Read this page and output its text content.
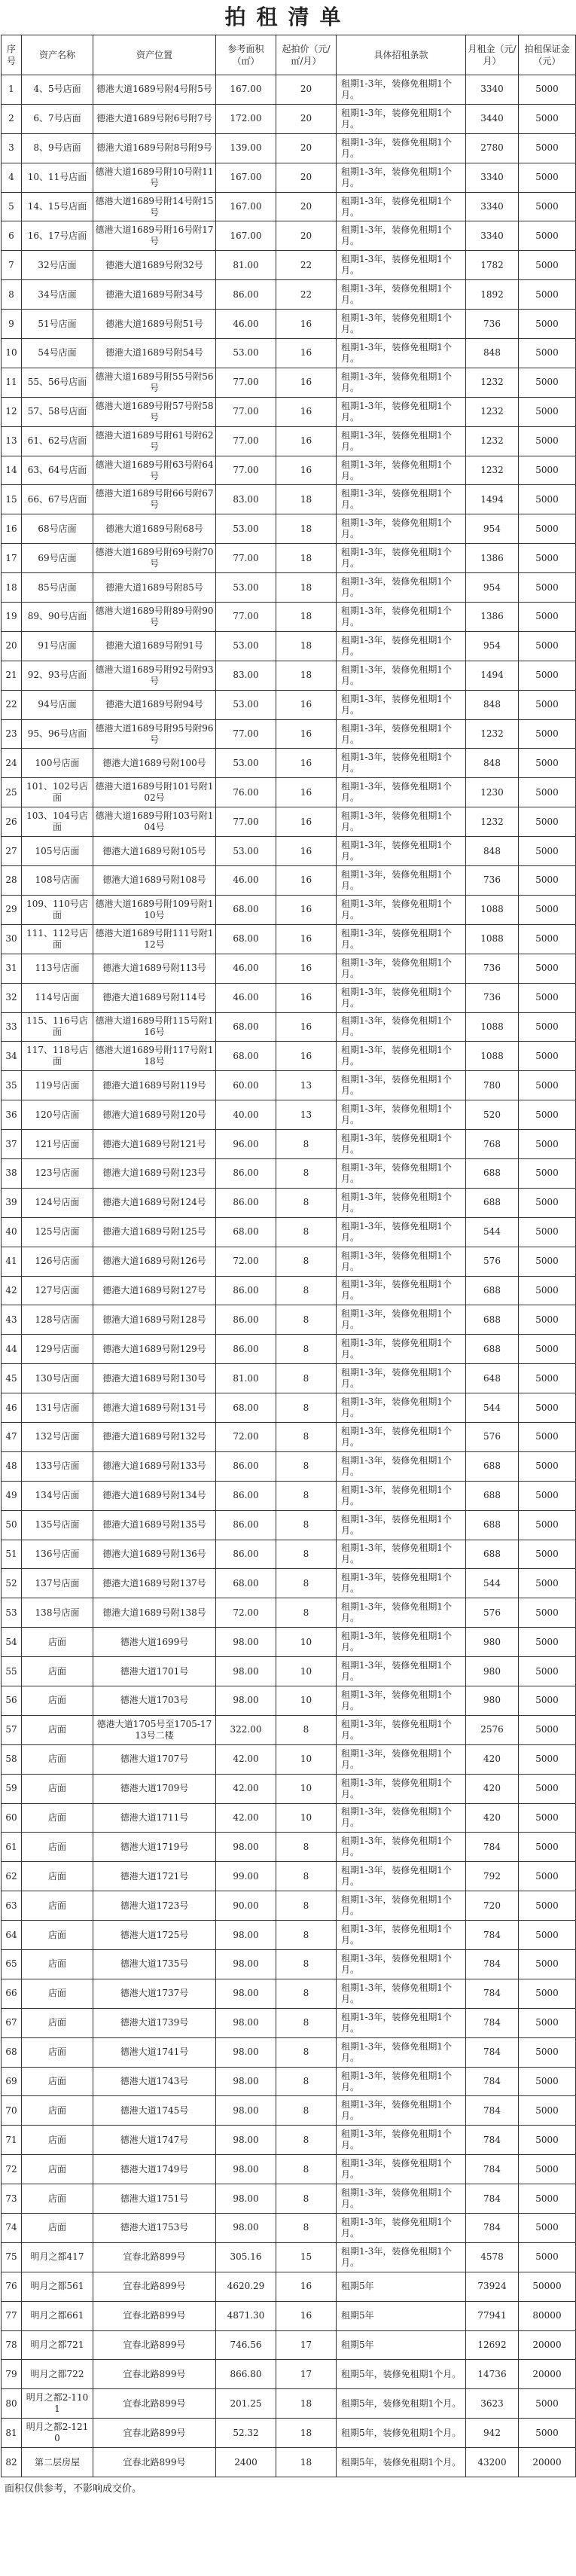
拍租清单
序号	资产名称	资产位置	参考面积（㎡）	起拍价（元/㎡/月）	具体招租条款	月租金（元/月）	拍租保证金（元）
1	4、5号店面	德港大道1689号附4号附5号	167.00	20	租期1-3年，装修免租期1个月。	3340	5000
2	6、7号店面	德港大道1689号附6号附7号	172.00	20	租期1-3年，装修免租期1个月。	3440	5000
3	8、9号店面	德港大道1689号附8号附9号	139.00	20	租期1-3年，装修免租期1个月。	2780	5000
4	10、11号店面	德港大道1689号附10号附11号	167.00	20	租期1-3年，装修免租期1个月。	3340	5000
5	14、15号店面	德港大道1689号附14号附15号	167.00	20	租期1-3年，装修免租期1个月。	3340	5000
6	16、17号店面	德港大道1689号附16号附17号	167.00	20	租期1-3年，装修免租期1个月。	3340	5000
7	32号店面	德港大道1689号附32号	81.00	22	租期1-3年，装修免租期1个月。	1782	5000
8	34号店面	德港大道1689号附34号	86.00	22	租期1-3年，装修免租期1个月。	1892	5000
9	51号店面	德港大道1689号附51号	46.00	16	租期1-3年，装修免租期1个月。	736	5000
10	54号店面	德港大道1689号附54号	53.00	16	租期1-3年，装修免租期1个月。	848	5000
11	55、56号店面	德港大道1689号附55号附56号	77.00	16	租期1-3年，装修免租期1个月。	1232	5000
12	57、58号店面	德港大道1689号附57号附58号	77.00	16	租期1-3年，装修免租期1个月。	1232	5000
13	61、62号店面	德港大道1689号附61号附62号	77.00	16	租期1-3年，装修免租期1个月。	1232	5000
14	63、64号店面	德港大道1689号附63号附64号	77.00	16	租期1-3年，装修免租期1个月。	1232	5000
15	66、67号店面	德港大道1689号附66号附67号	83.00	18	租期1-3年，装修免租期1个月。	1494	5000
16	68号店面	德港大道1689号附68号	53.00	18	租期1-3年，装修免租期1个月。	954	5000
17	69号店面	德港大道1689号附69号附70号	77.00	18	租期1-3年，装修免租期1个月。	1386	5000
18	85号店面	德港大道1689号附85号	53.00	18	租期1-3年，装修免租期1个月。	954	5000
19	89、90号店面	德港大道1689号附89号附90号	77.00	18	租期1-3年，装修免租期1个月。	1386	5000
20	91号店面	德港大道1689号附91号	53.00	18	租期1-3年，装修免租期1个月。	954	5000
21	92、93号店面	德港大道1689号附92号附93号	83.00	18	租期1-3年，装修免租期1个月。	1494	5000
22	94号店面	德港大道1689号附94号	53.00	16	租期1-3年，装修免租期1个月。	848	5000
23	95、96号店面	德港大道1689号附95号附96号	77.00	16	租期1-3年，装修免租期1个月。	1232	5000
24	100号店面	德港大道1689号附100号	53.00	16	租期1-3年，装修免租期1个月。	848	5000
25	101、102号店面	德港大道1689号附101号附102号	76.00	16	租期1-3年，装修免租期1个月。	1230	5000
26	103、104号店面	德港大道1689号附103号附104号	77.00	16	租期1-3年，装修免租期1个月。	1232	5000
27	105号店面	德港大道1689号附105号	53.00	16	租期1-3年，装修免租期1个月。	848	5000
28	108号店面	德港大道1689号附108号	46.00	16	租期1-3年，装修免租期1个月。	736	5000
29	109、110号店面	德港大道1689号附109号附110号	68.00	16	租期1-3年，装修免租期1个月。	1088	5000
30	111、112号店面	德港大道1689号附111号附112号	68.00	16	租期1-3年，装修免租期1个月。	1088	5000
31	113号店面	德港大道1689号附113号	46.00	16	租期1-3年，装修免租期1个月。	736	5000
32	114号店面	德港大道1689号附114号	46.00	16	租期1-3年，装修免租期1个月。	736	5000
33	115、116号店面	德港大道1689号附115号附116号	68.00	16	租期1-3年，装修免租期1个月。	1088	5000
34	117、118号店面	德港大道1689号附117号附118号	68.00	16	租期1-3年，装修免租期1个月。	1088	5000
35	119号店面	德港大道1689号附119号	60.00	13	租期1-3年，装修免租期1个月。	780	5000
36	120号店面	德港大道1689号附120号	40.00	13	租期1-3年，装修免租期1个月。	520	5000
37	121号店面	德港大道1689号附121号	96.00	8	租期1-3年，装修免租期1个月。	768	5000
38	123号店面	德港大道1689号附123号	86.00	8	租期1-3年，装修免租期1个月。	688	5000
39	124号店面	德港大道1689号附124号	86.00	8	租期1-3年，装修免租期1个月。	688	5000
40	125号店面	德港大道1689号附125号	68.00	8	租期1-3年，装修免租期1个月。	544	5000
41	126号店面	德港大道1689号附126号	72.00	8	租期1-3年，装修免租期1个月。	576	5000
42	127号店面	德港大道1689号附127号	86.00	8	租期1-3年，装修免租期1个月。	688	5000
43	128号店面	德港大道1689号附128号	86.00	8	租期1-3年，装修免租期1个月。	688	5000
44	129号店面	德港大道1689号附129号	86.00	8	租期1-3年，装修免租期1个月。	688	5000
45	130号店面	德港大道1689号附130号	81.00	8	租期1-3年，装修免租期1个月。	648	5000
46	131号店面	德港大道1689号附131号	68.00	8	租期1-3年，装修免租期1个月。	544	5000
47	132号店面	德港大道1689号附132号	72.00	8	租期1-3年，装修免租期1个月。	576	5000
48	133号店面	德港大道1689号附133号	86.00	8	租期1-3年，装修免租期1个月。	688	5000
49	134号店面	德港大道1689号附134号	86.00	8	租期1-3年，装修免租期1个月。	688	5000
50	135号店面	德港大道1689号附135号	86.00	8	租期1-3年，装修免租期1个月。	688	5000
51	136号店面	德港大道1689号附136号	86.00	8	租期1-3年，装修免租期1个月。	688	5000
52	137号店面	德港大道1689号附137号	68.00	8	租期1-3年，装修免租期1个月。	544	5000
53	138号店面	德港大道1689号附138号	72.00	8	租期1-3年，装修免租期1个月。	576	5000
54	店面	德港大道1699号	98.00	10	租期1-3年，装修免租期1个月。	980	5000
55	店面	德港大道1701号	98.00	10	租期1-3年，装修免租期1个月。	980	5000
56	店面	德港大道1703号	98.00	10	租期1-3年，装修免租期1个月。	980	5000
57	店面	德港大道1705号至1705-1713号二楼	322.00	8	租期1-3年，装修免租期1个月。	2576	5000
58	店面	德港大道1707号	42.00	10	租期1-3年，装修免租期1个月。	420	5000
59	店面	德港大道1709号	42.00	10	租期1-3年，装修免租期1个月。	420	5000
60	店面	德港大道1711号	42.00	10	租期1-3年，装修免租期1个月。	420	5000
61	店面	德港大道1719号	98.00	8	租期1-3年，装修免租期1个月。	784	5000
62	店面	德港大道1721号	99.00	8	租期1-3年，装修免租期1个月。	792	5000
63	店面	德港大道1723号	90.00	8	租期1-3年，装修免租期1个月。	720	5000
64	店面	德港大道1725号	98.00	8	租期1-3年，装修免租期1个月。	784	5000
65	店面	德港大道1735号	98.00	8	租期1-3年，装修免租期1个月。	784	5000
66	店面	德港大道1737号	98.00	8	租期1-3年，装修免租期1个月。	784	5000
67	店面	德港大道1739号	98.00	8	租期1-3年，装修免租期1个月。	784	5000
68	店面	德港大道1741号	98.00	8	租期1-3年，装修免租期1个月。	784	5000
69	店面	德港大道1743号	98.00	8	租期1-3年，装修免租期1个月。	784	5000
70	店面	德港大道1745号	98.00	8	租期1-3年，装修免租期1个月。	784	5000
71	店面	德港大道1747号	98.00	8	租期1-3年，装修免租期1个月。	784	5000
72	店面	德港大道1749号	98.00	8	租期1-3年，装修免租期1个月。	784	5000
73	店面	德港大道1751号	98.00	8	租期1-3年，装修免租期1个月。	784	5000
74	店面	德港大道1753号	98.00	8	租期1-3年，装修免租期1个月。	784	5000
75	明月之都417	宜春北路899号	305.16	15	租期1-3年，装修免租期1个月。	4578	5000
76	明月之都561	宜春北路899号	4620.29	16	租期5年	73924	50000
77	明月之都661	宜春北路899号	4871.30	16	租期5年	77941	80000
78	明月之都721	宜春北路899号	746.56	17	租期5年	12692	20000
79	明月之都722	宜春北路899号	866.80	17	租期5年，装修免租期1个月。	14736	20000
80	明月之都2-1101	宜春北路899号	201.25	18	租期5年，装修免租期1个月。	3623	5000
81	明月之都2-1210	宜春北路899号	52.32	18	租期5年，装修免租期1个月。	942	5000
82	第二层房屋	宜春北路899号	2400	18	租期5年，装修免租期1个月。	43200	20000
面积仅供参考，不影响成交价。
